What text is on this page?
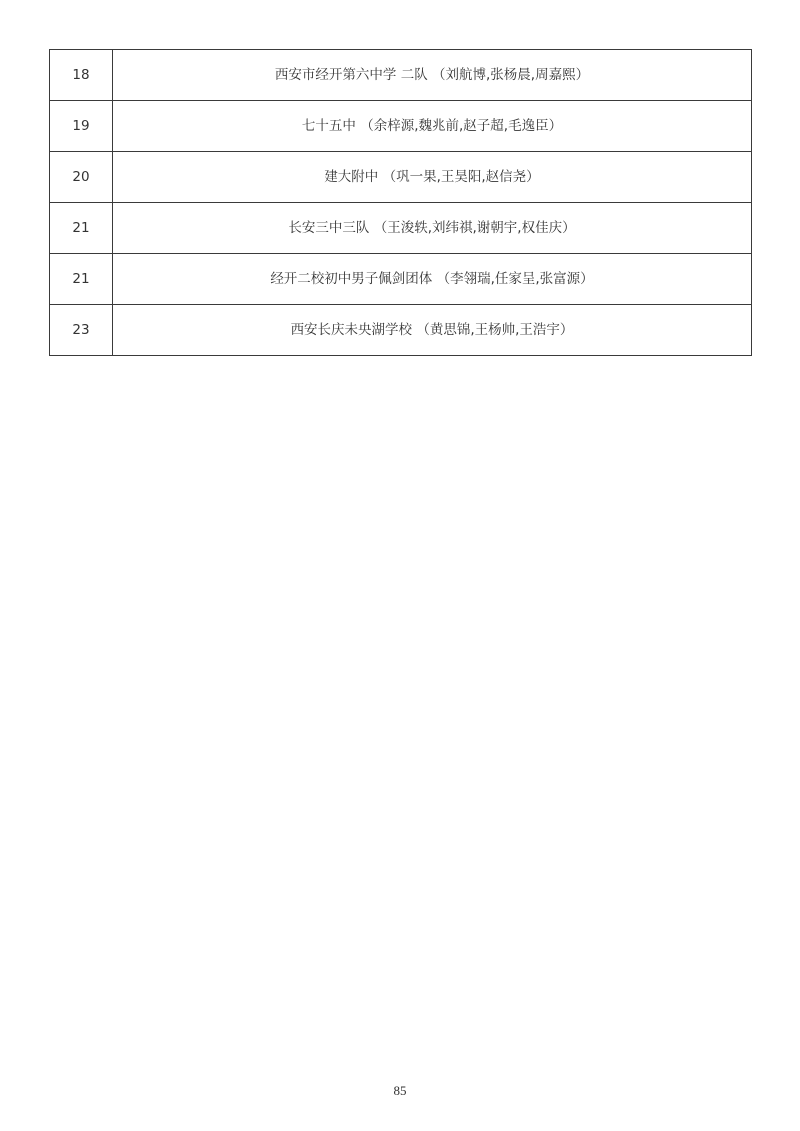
18	西安市经开第六中学 二队 （刘航博,张杨晨,周嘉熙）
19	七十五中 （余梓源,魏兆前,赵子超,毛逸臣）
20	建大附中 （巩一果,王昊阳,赵信尧）
21	长安三中三队 （王浚轶,刘纬祺,谢朝宇,权佳庆）
21	经开二校初中男子佩剑团体 （李翎瑞,任家呈,张富源）
23	西安长庆未央湖学校 （黄思锦,王杨帅,王浩宇）
85
